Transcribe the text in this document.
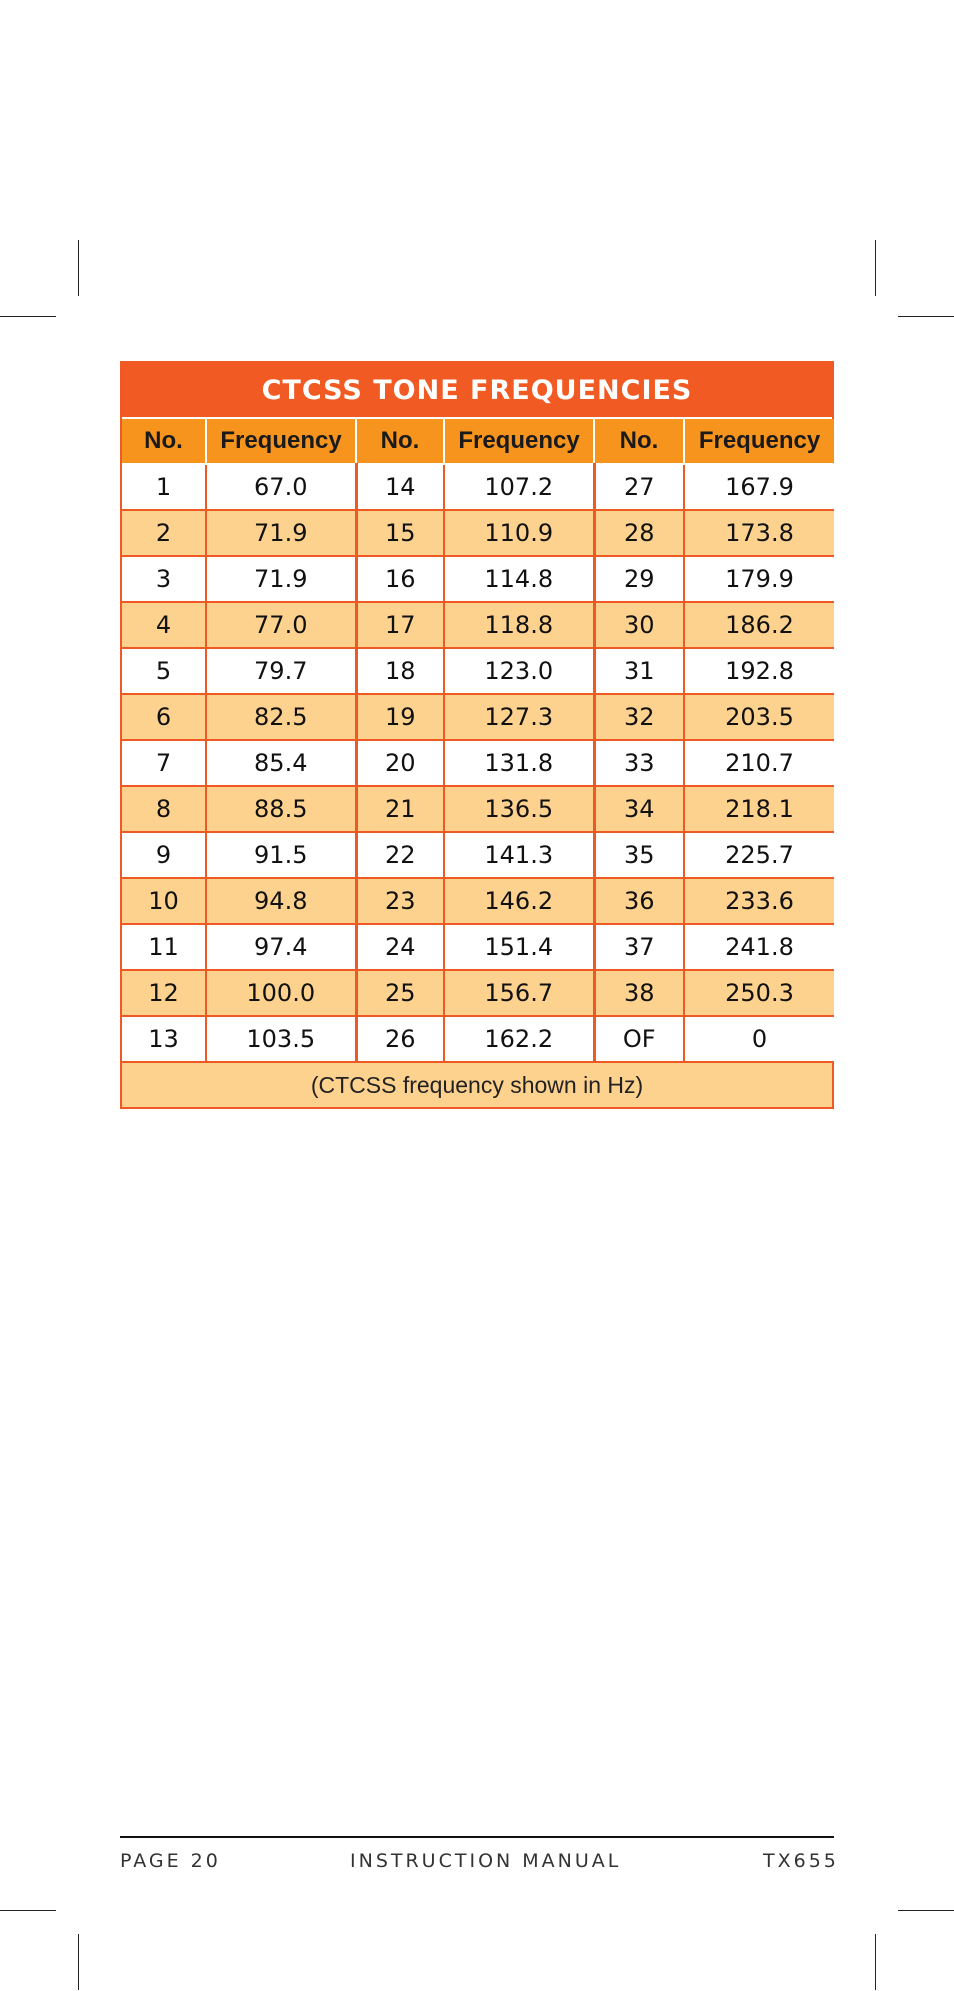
CTCSS TONE FREQUENCIES
No.	Frequency	No.	Frequency	No.	Frequency
1	67.0	14	107.2	27	167.9
2	71.9	15	110.9	28	173.8
3	71.9	16	114.8	29	179.9
4	77.0	17	118.8	30	186.2
5	79.7	18	123.0	31	192.8
6	82.5	19	127.3	32	203.5
7	85.4	20	131.8	33	210.7
8	88.5	21	136.5	34	218.1
9	91.5	22	141.3	35	225.7
10	94.8	23	146.2	36	233.6
11	97.4	24	151.4	37	241.8
12	100.0	25	156.7	38	250.3
13	103.5	26	162.2	OF	0
(CTCSS frequency shown in Hz)
PAGE 20	INSTRUCTION MANUAL	TX655
